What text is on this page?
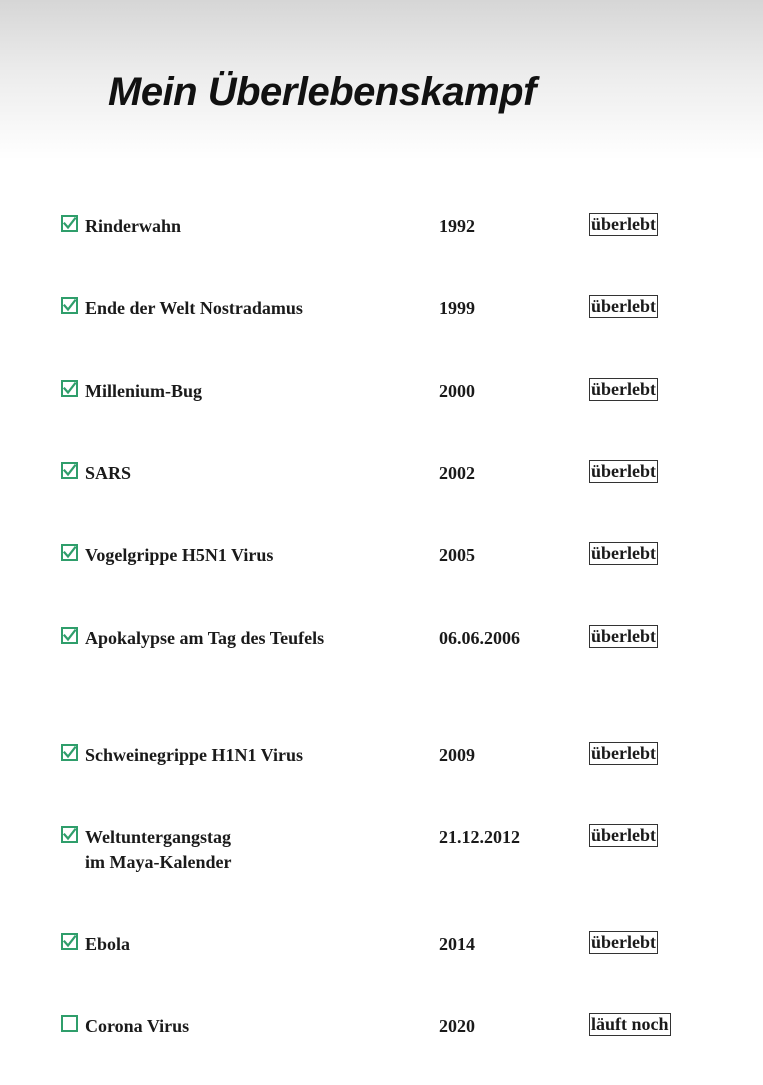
Mein Überlebenskampf
Rinderwahn	1992	überlebt
Ende der Welt Nostradamus	1999	überlebt
Millenium-Bug	2000	überlebt
SARS	2002	überlebt
Vogelgrippe H5N1 Virus	2005	überlebt
Apokalypse am Tag des Teufels	06.06.2006	überlebt
Schweinegrippe H1N1 Virus	2009	überlebt
Weltuntergangstag
im Maya-Kalender
21.12.2012	überlebt
Ebola	2014	überlebt
Corona Virus	2020	läuft noch
